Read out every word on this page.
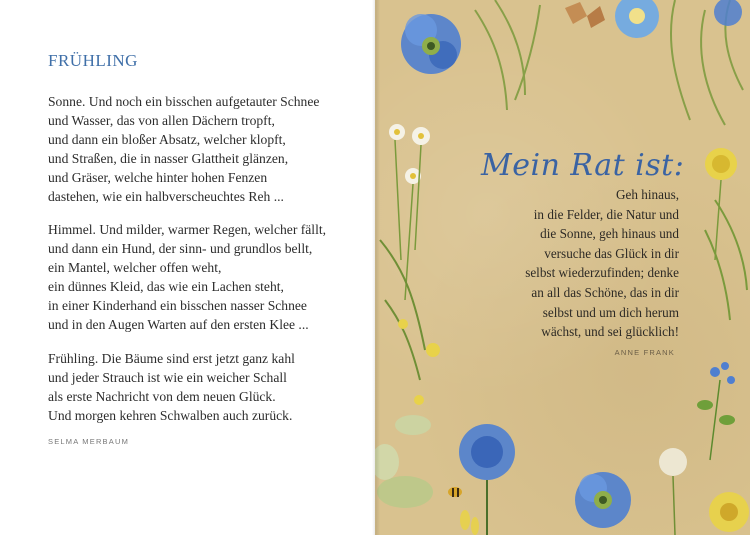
FRÜHLING
Sonne. Und noch ein bisschen aufgetauter Schnee
und Wasser, das von allen Dächern tropft,
und dann ein bloßer Absatz, welcher klopft,
und Straßen, die in nasser Glattheit glänzen,
und Gräser, welche hinter hohen Fenzen
dastehen, wie ein halbverscheuchtes Reh ...
Himmel. Und milder, warmer Regen, welcher fällt,
und dann ein Hund, der sinn- und grundlos bellt,
ein Mantel, welcher offen weht,
ein dünnes Kleid, das wie ein Lachen steht,
in einer Kinderhand ein bisschen nasser Schnee
und in den Augen Warten auf den ersten Klee ...
Frühling. Die Bäume sind erst jetzt ganz kahl
und jeder Strauch ist wie ein weicher Schall
als erste Nachricht von dem neuen Glück.
Und morgen kehren Schwalben auch zurück.
SELMA MERBAUM
Mein Rat ist:
Geh hinaus,
in die Felder, die Natur und
die Sonne, geh hinaus und
versuche das Glück in dir
selbst wiederzufinden; denke
an all das Schöne, das in dir
selbst und um dich herum
wächst, und sei glücklich!
ANNE FRANK
